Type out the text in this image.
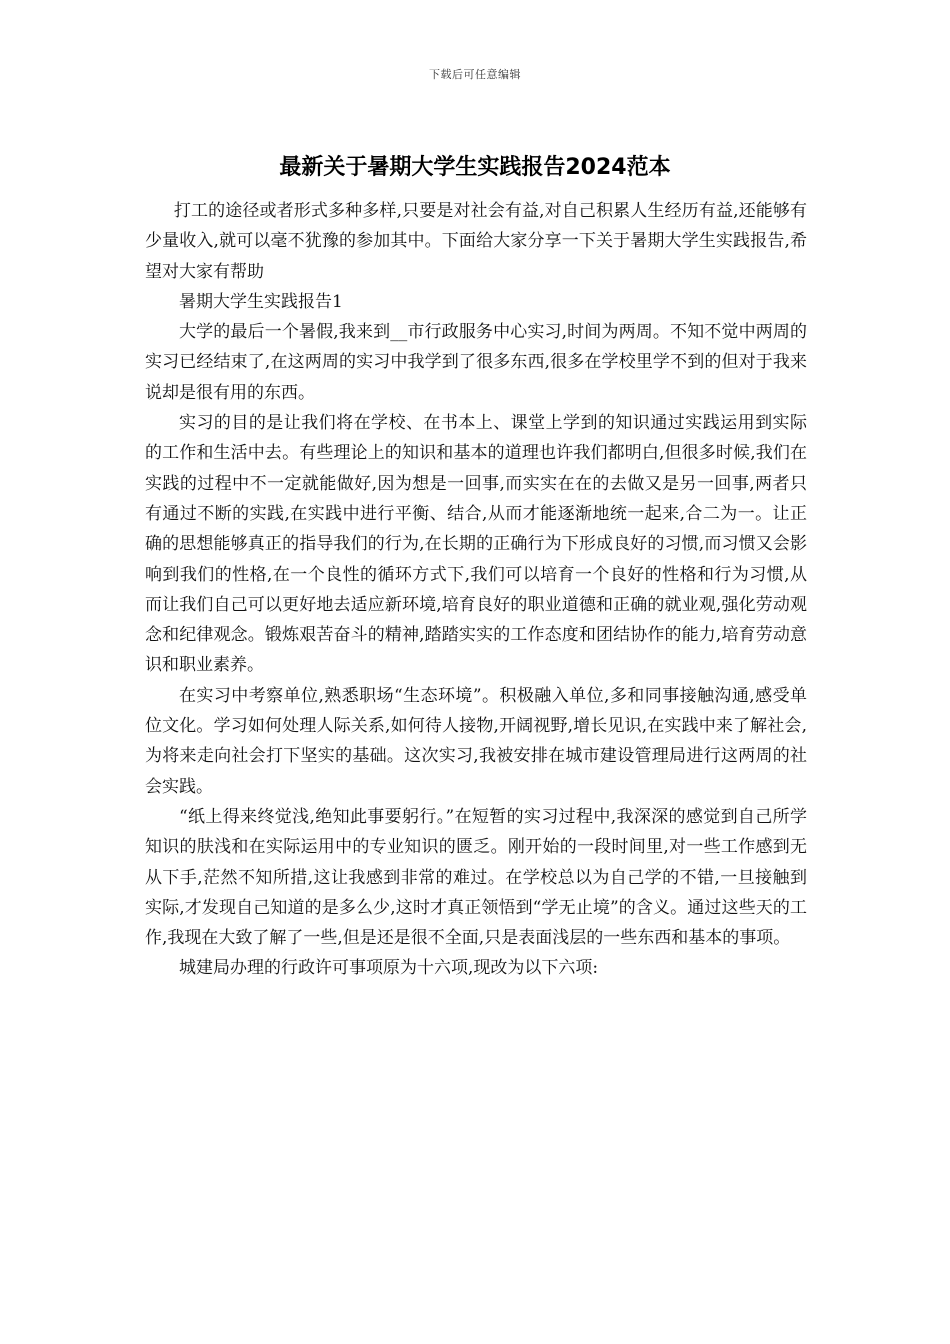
下载后可任意编辑
最新关于暑期大学生实践报告2024范本

打工的途径或者形式多种多样,只要是对社会有益,对自己积累人生经历有益,还能够有少量收入,就可以毫不犹豫的参加其中。下面给大家分享一下关于暑期大学生实践报告,希望对大家有帮助

暑期大学生实践报告1

大学的最后一个暑假,我来到__市行政服务中心实习,时间为两周。不知不觉中两周的实习已经结束了,在这两周的实习中我学到了很多东西,很多在学校里学不到的但对于我来说却是很有用的东西。

实习的目的是让我们将在学校、在书本上、课堂上学到的知识通过实践运用到实际的工作和生活中去。有些理论上的知识和基本的道理也许我们都明白,但很多时候,我们在实践的过程中不一定就能做好,因为想是一回事,而实实在在的去做又是另一回事,两者只有通过不断的实践,在实践中进行平衡、结合,从而才能逐渐地统一起来,合二为一。让正确的思想能够真正的指导我们的行为,在长期的正确行为下形成良好的习惯,而习惯又会影响到我们的性格,在一个良性的循环方式下,我们可以培育一个良好的性格和行为习惯,从而让我们自己可以更好地去适应新环境,培育良好的职业道德和正确的就业观,强化劳动观念和纪律观念。锻炼艰苦奋斗的精神,踏踏实实的工作态度和团结协作的能力,培育劳动意识和职业素养。

在实习中考察单位,熟悉职场“生态环境”。积极融入单位,多和同事接触沟通,感受单位文化。学习如何处理人际关系,如何待人接物,开阔视野,增长见识,在实践中来了解社会,为将来走向社会打下坚实的基础。这次实习,我被安排在城市建设管理局进行这两周的社会实践。

“纸上得来终觉浅,绝知此事要躬行。”在短暂的实习过程中,我深深的感觉到自己所学知识的肤浅和在实际运用中的专业知识的匮乏。刚开始的一段时间里,对一些工作感到无从下手,茫然不知所措,这让我感到非常的难过。在学校总以为自己学的不错,一旦接触到实际,才发现自己知道的是多么少,这时才真正领悟到“学无止境”的含义。通过这些天的工作,我现在大致了解了一些,但是还是很不全面,只是表面浅层的一些东西和基本的事项。

城建局办理的行政许可事项原为十六项,现改为以下六项:
